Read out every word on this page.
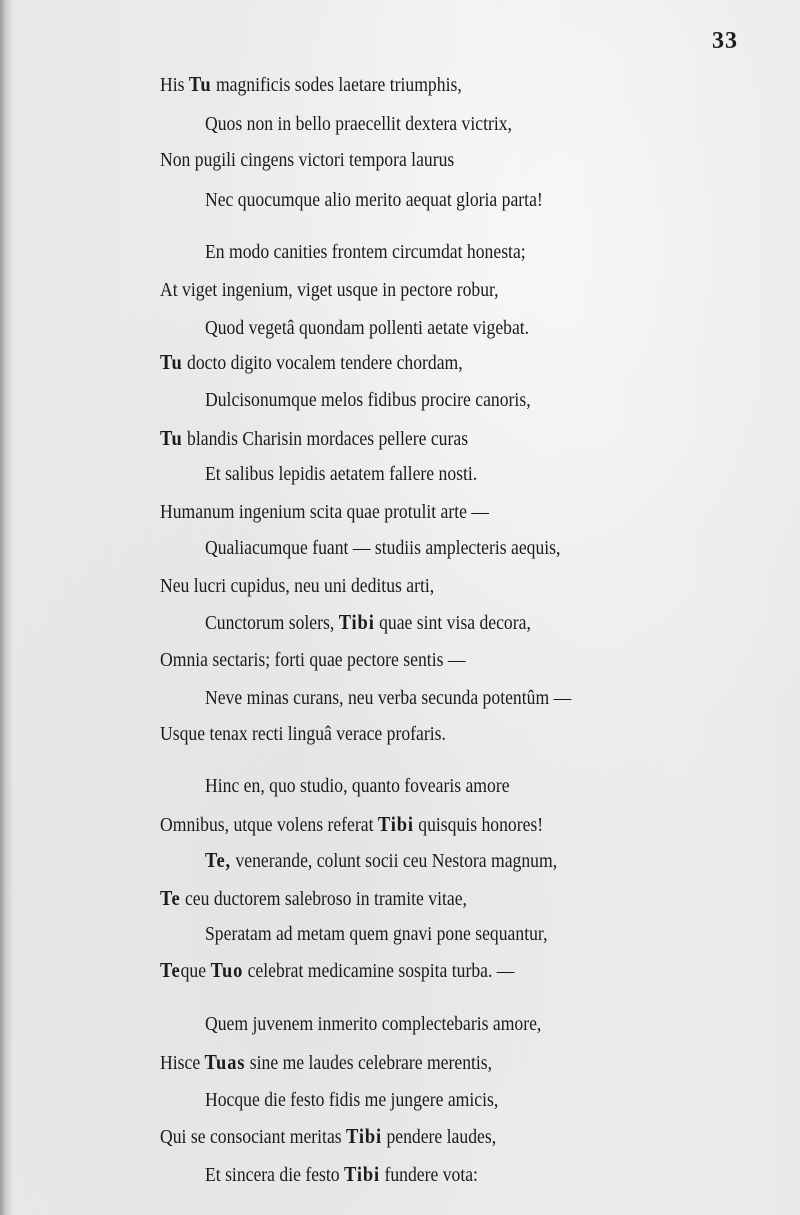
33
His Tu magnificis sodes laetare triumphis,
Quos non in bello praecellit dextera victrix,
Non pugili cingens victori tempora laurus
Nec quocumque alio merito aequat gloria parta!
En modo canities frontem circumdat honesta;
At viget ingenium, viget usque in pectore robur,
Quod vegetâ quondam pollenti aetate vigebat.
Tu docto digito vocalem tendere chordam,
Dulcisonumque melos fidibus procire canoris,
Tu blandis Charisin mordaces pellere curas
Et salibus lepidis aetatem fallere nosti.
Humanum ingenium scita quae protulit arte —
Qualiacumque fuant — studiis amplecteris aequis,
Neu lucri cupidus, neu uni deditus arti,
Cunctorum solers, Tibi quae sint visa decora,
Omnia sectaris; forti quae pectore sentis —
Neve minas curans, neu verba secunda potentûm —
Usque tenax recti linguâ verace profaris.
Hinc en, quo studio, quanto fovearis amore
Omnibus, utque volens referat Tibi quisquis honores!
Te, venerande, colunt socii ceu Nestora magnum,
Te ceu ductorem salebroso in tramite vitae,
Speratam ad metam quem gnavi pone sequantur,
Teque Tuo celebrat medicamine sospita turba. —
Quem juvenem inmerito complectebaris amore,
Hisce Tuas sine me laudes celebrare merentis,
Hocque die festo fidis me jungere amicis,
Qui se consociant meritas Tibi pendere laudes,
Et sincera die festo Tibi fundere vota:
